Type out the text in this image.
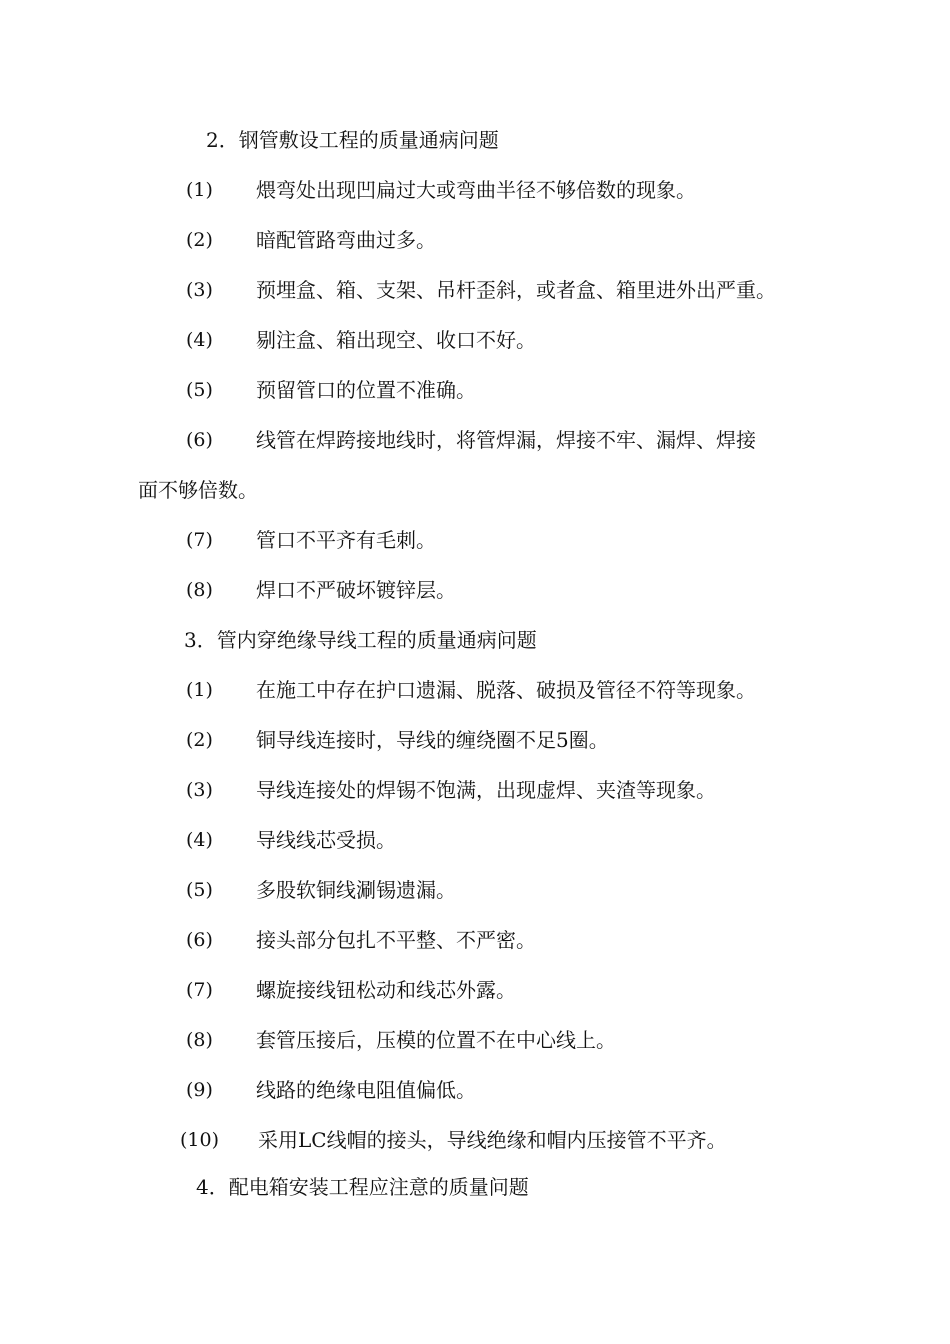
2．钢管敷设工程的质量通病问题
(1) 煨弯处出现凹扁过大或弯曲半径不够倍数的现象。
(2) 暗配管路弯曲过多。
(3) 预埋盒、箱、支架、吊杆歪斜，或者盒、箱里进外出严重。
(4) 剔注盒、箱出现空、收口不好。
(5) 预留管口的位置不准确。
(6) 线管在焊跨接地线时，将管焊漏，焊接不牢、漏焊、焊接
面不够倍数。
(7) 管口不平齐有毛刺。
(8) 焊口不严破坏镀锌层。
3．管内穿绝缘导线工程的质量通病问题
(1) 在施工中存在护口遗漏、脱落、破损及管径不符等现象。
(2) 铜导线连接时，导线的缠绕圈不足5圈。
(3) 导线连接处的焊锡不饱满，出现虚焊、夹渣等现象。
(4) 导线线芯受损。
(5) 多股软铜线涮锡遗漏。
(6) 接头部分包扎不平整、不严密。
(7) 螺旋接线钮松动和线芯外露。
(8) 套管压接后，压模的位置不在中心线上。
(9) 线路的绝缘电阻值偏低。
(10) 采用LC线帽的接头，导线绝缘和帽内压接管不平齐。
4．配电箱安装工程应注意的质量问题
